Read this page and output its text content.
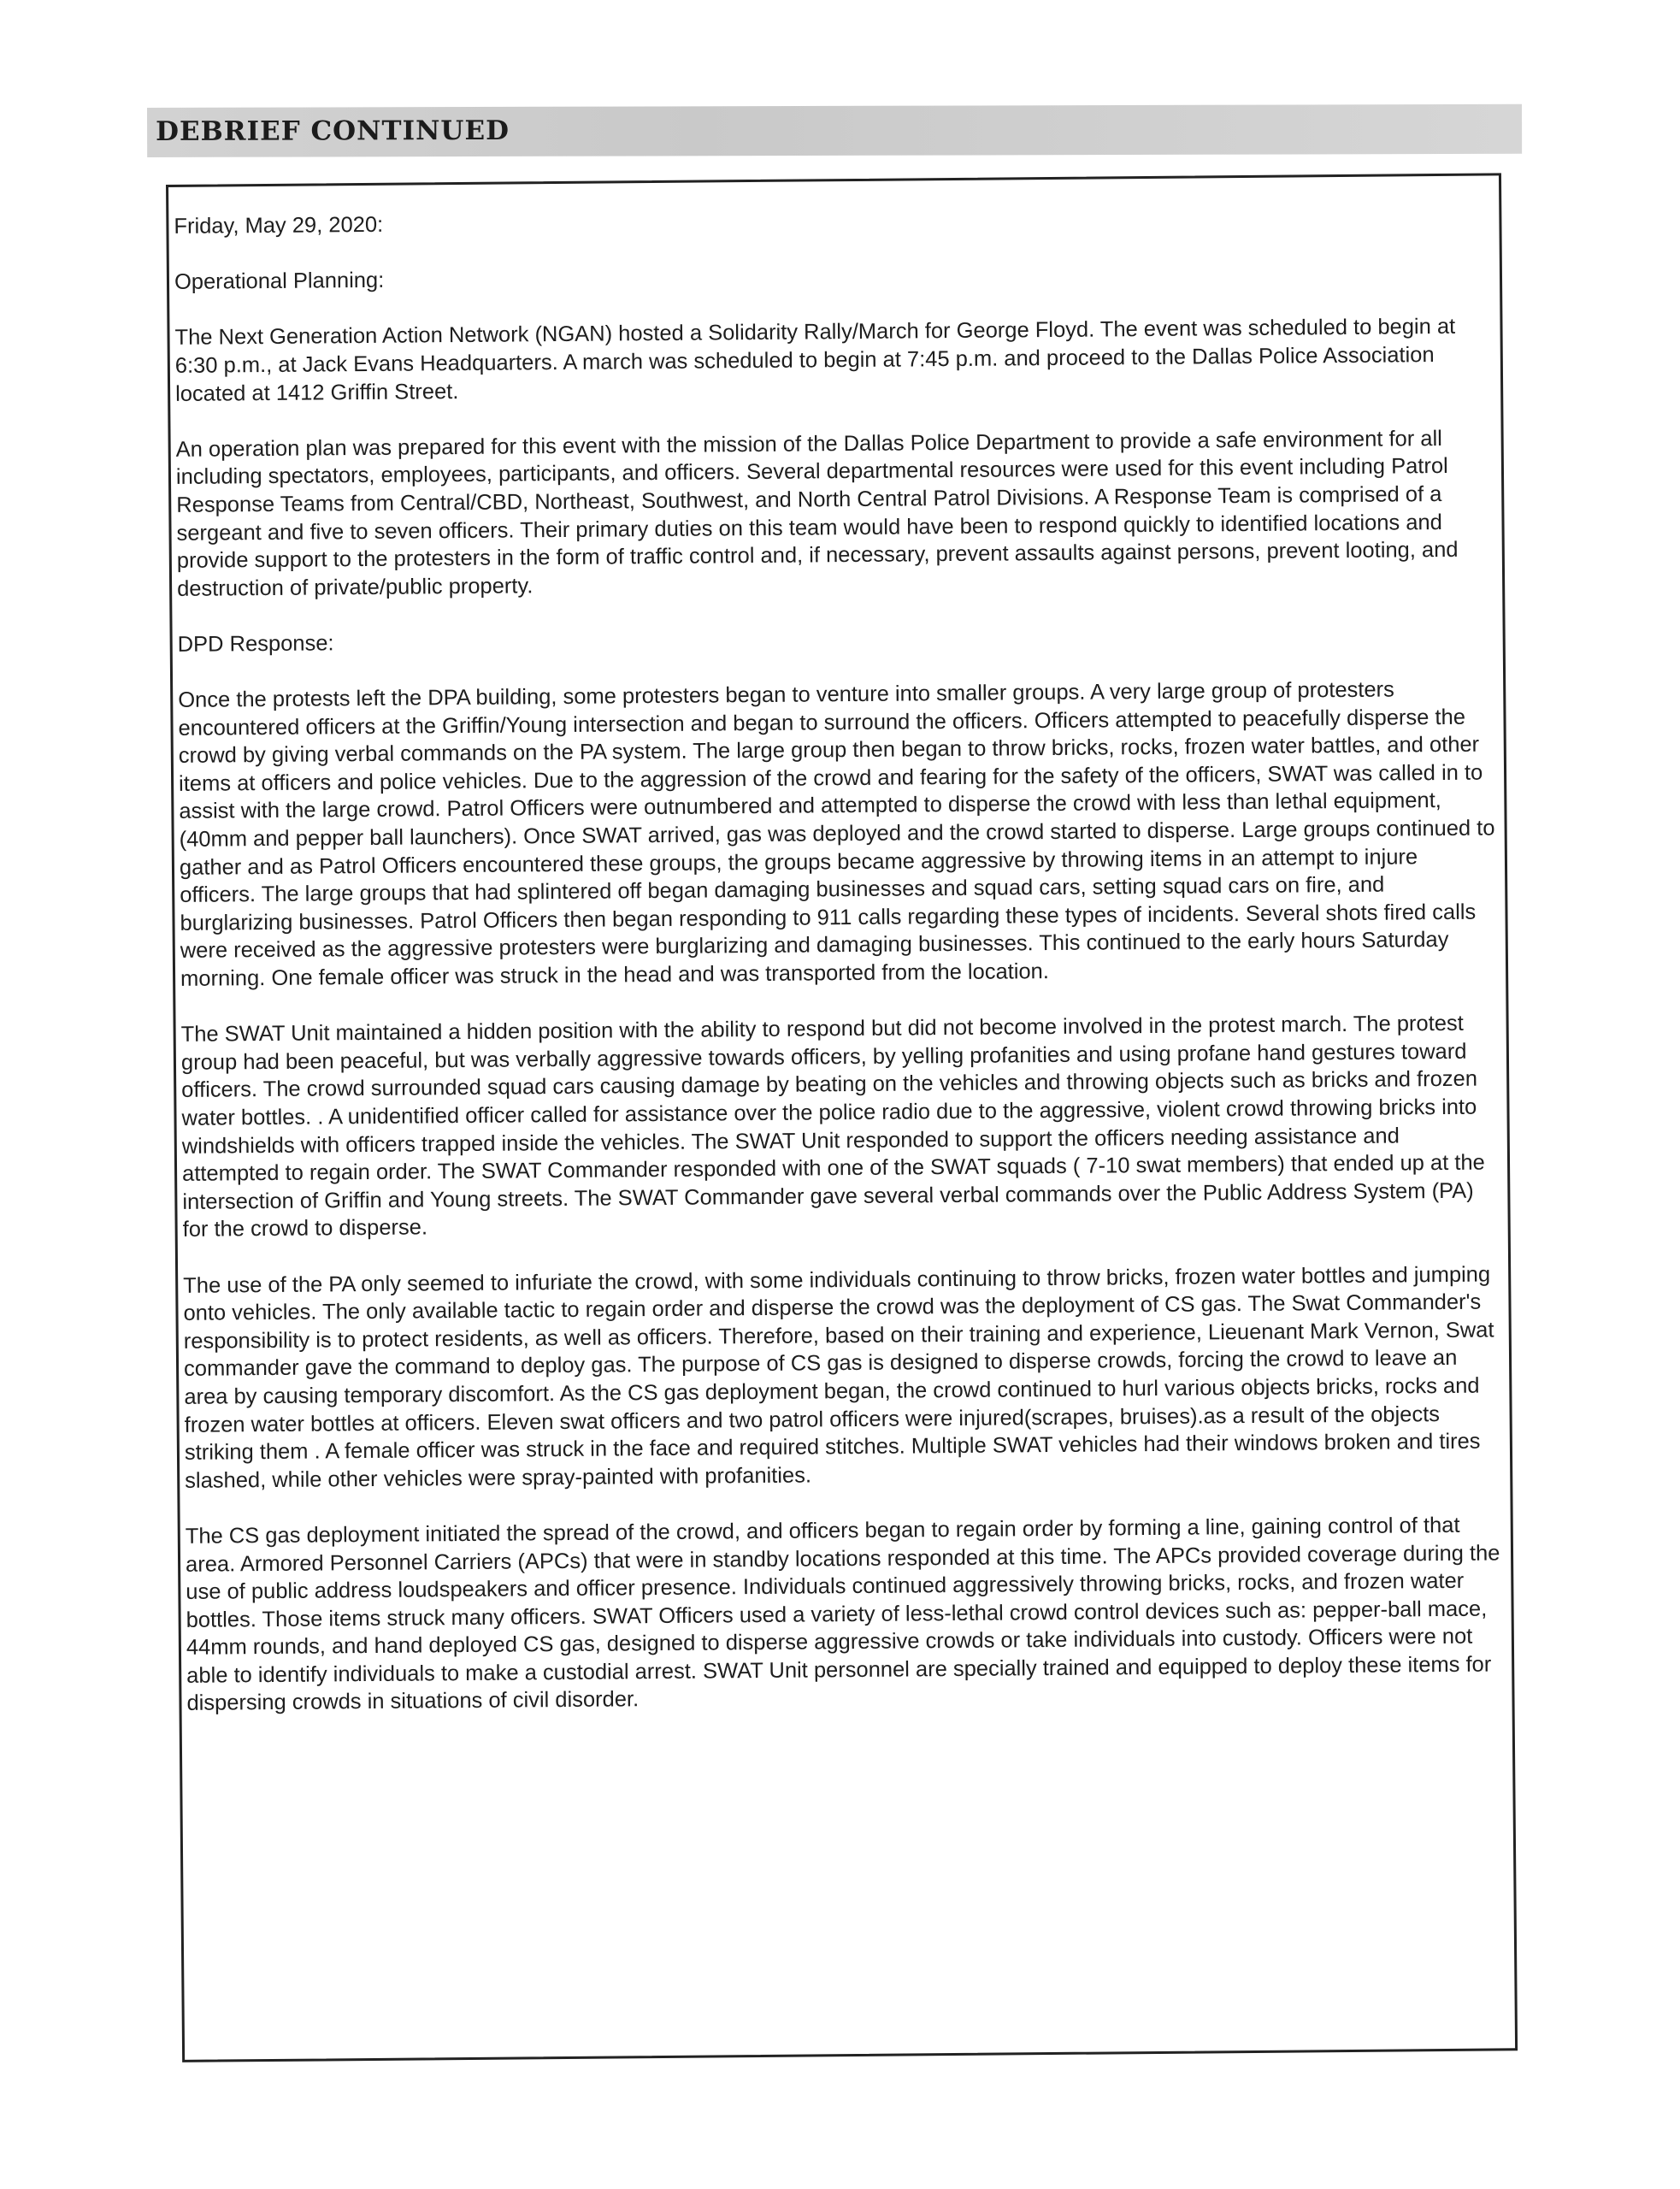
DEBRIEF CONTINUED

Friday, May 29, 2020:

Operational Planning:

The Next Generation Action Network (NGAN) hosted a Solidarity Rally/March for George Floyd. The event was scheduled to begin at 6:30 p.m., at Jack Evans Headquarters. A march was scheduled to begin at 7:45 p.m. and proceed to the Dallas Police Association located at 1412 Griffin Street.

An operation plan was prepared for this event with the mission of the Dallas Police Department to provide a safe environment for all including spectators, employees, participants, and officers. Several departmental resources were used for this event including Patrol Response Teams from Central/CBD, Northeast, Southwest, and North Central Patrol Divisions. A Response Team is comprised of a sergeant and five to seven officers. Their primary duties on this team would have been to respond quickly to identified locations and provide support to the protesters in the form of traffic control and, if necessary, prevent assaults against persons, prevent looting, and destruction of private/public property.

DPD Response:

Once the protests left the DPA building, some protesters began to venture into smaller groups. A very large group of protesters encountered officers at the Griffin/Young intersection and began to surround the officers. Officers attempted to peacefully disperse the crowd by giving verbal commands on the PA system. The large group then began to throw bricks, rocks, frozen water battles, and other items at officers and police vehicles. Due to the aggression of the crowd and fearing for the safety of the officers, SWAT was called in to assist with the large crowd. Patrol Officers were outnumbered and attempted to disperse the crowd with less than lethal equipment, (40mm and pepper ball launchers). Once SWAT arrived, gas was deployed and the crowd started to disperse. Large groups continued to gather and as Patrol Officers encountered these groups, the groups became aggressive by throwing items in an attempt to injure officers. The large groups that had splintered off began damaging businesses and squad cars, setting squad cars on fire, and burglarizing businesses. Patrol Officers then began responding to 911 calls regarding these types of incidents. Several shots fired calls were received as the aggressive protesters were burglarizing and damaging businesses. This continued to the early hours Saturday morning. One female officer was struck in the head and was transported from the location.

The SWAT Unit maintained a hidden position with the ability to respond but did not become involved in the protest march. The protest group had been peaceful, but was verbally aggressive towards officers, by yelling profanities and using profane hand gestures toward officers. The crowd surrounded squad cars causing damage by beating on the vehicles and throwing objects such as bricks and frozen water bottles. . A unidentified officer called for assistance over the police radio due to the aggressive, violent crowd throwing bricks into windshields with officers trapped inside the vehicles. The SWAT Unit responded to support the officers needing assistance and attempted to regain order. The SWAT Commander responded with one of the SWAT squads ( 7-10 swat members) that ended up at the intersection of Griffin and Young streets. The SWAT Commander gave several verbal commands over the Public Address System (PA) for the crowd to disperse.

The use of the PA only seemed to infuriate the crowd, with some individuals continuing to throw bricks, frozen water bottles and jumping onto vehicles. The only available tactic to regain order and disperse the crowd was the deployment of CS gas. The Swat Commander's responsibility is to protect residents, as well as officers. Therefore, based on their training and experience, Lieuenant Mark Vernon, Swat commander gave the command to deploy gas. The purpose of CS gas is designed to disperse crowds, forcing the crowd to leave an area by causing temporary discomfort. As the CS gas deployment began, the crowd continued to hurl various objects bricks, rocks and frozen water bottles at officers. Eleven swat officers and two patrol officers were injured(scrapes, bruises).as a result of the objects striking them . A female officer was struck in the face and required stitches. Multiple SWAT vehicles had their windows broken and tires slashed, while other vehicles were spray-painted with profanities.

The CS gas deployment initiated the spread of the crowd, and officers began to regain order by forming a line, gaining control of that area. Armored Personnel Carriers (APCs) that were in standby locations responded at this time. The APCs provided coverage during the use of public address loudspeakers and officer presence. Individuals continued aggressively throwing bricks, rocks, and frozen water bottles. Those items struck many officers. SWAT Officers used a variety of less-lethal crowd control devices such as: pepper-ball mace, 44mm rounds, and hand deployed CS gas, designed to disperse aggressive crowds or take individuals into custody. Officers were not able to identify individuals to make a custodial arrest. SWAT Unit personnel are specially trained and equipped to deploy these items for dispersing crowds in situations of civil disorder.
